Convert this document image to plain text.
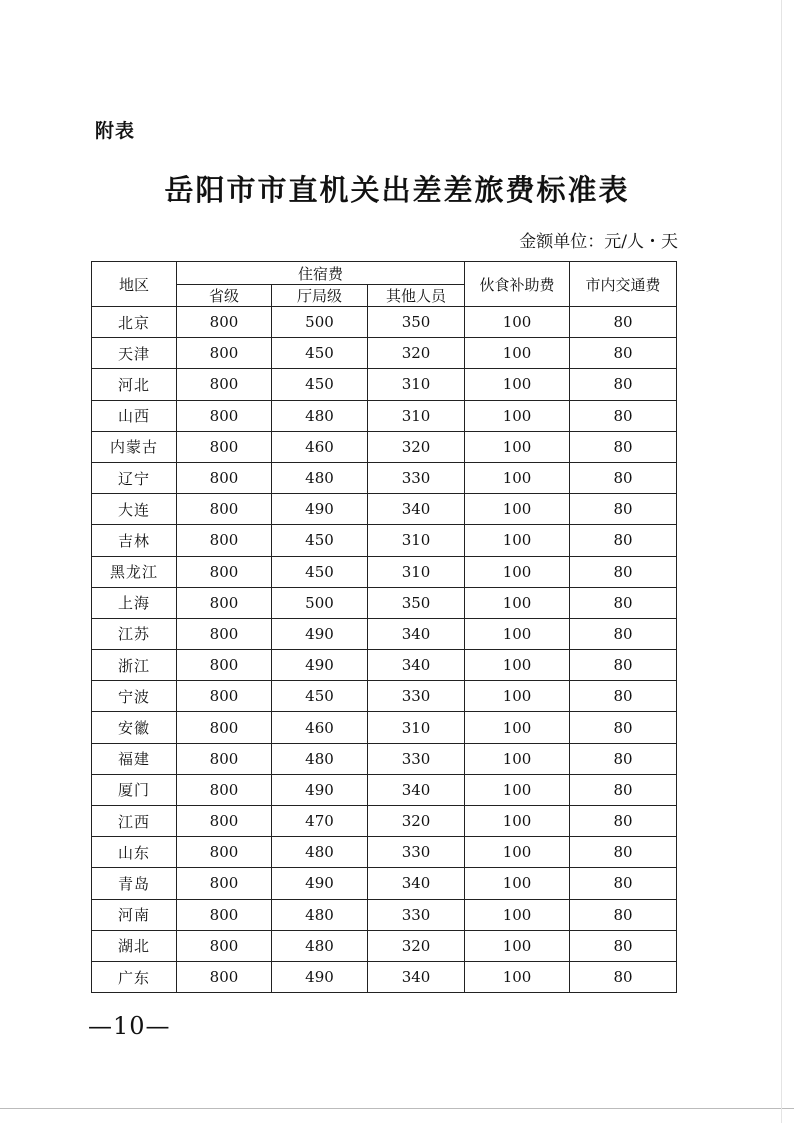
附表
岳阳市市直机关出差差旅费标准表
金额单位：元/人・天
地区	住宿费			伙食补助费	市内交通费
	省级	厅局级	其他人员		
北京	800	500	350	100	80
天津	800	450	320	100	80
河北	800	450	310	100	80
山西	800	480	310	100	80
内蒙古	800	460	320	100	80
辽宁	800	480	330	100	80
大连	800	490	340	100	80
吉林	800	450	310	100	80
黑龙江	800	450	310	100	80
上海	800	500	350	100	80
江苏	800	490	340	100	80
浙江	800	490	340	100	80
宁波	800	450	330	100	80
安徽	800	460	310	100	80
福建	800	480	330	100	80
厦门	800	490	340	100	80
江西	800	470	320	100	80
山东	800	480	330	100	80
青岛	800	490	340	100	80
河南	800	480	330	100	80
湖北	800	480	320	100	80
广东	800	490	340	100	80
—10—
